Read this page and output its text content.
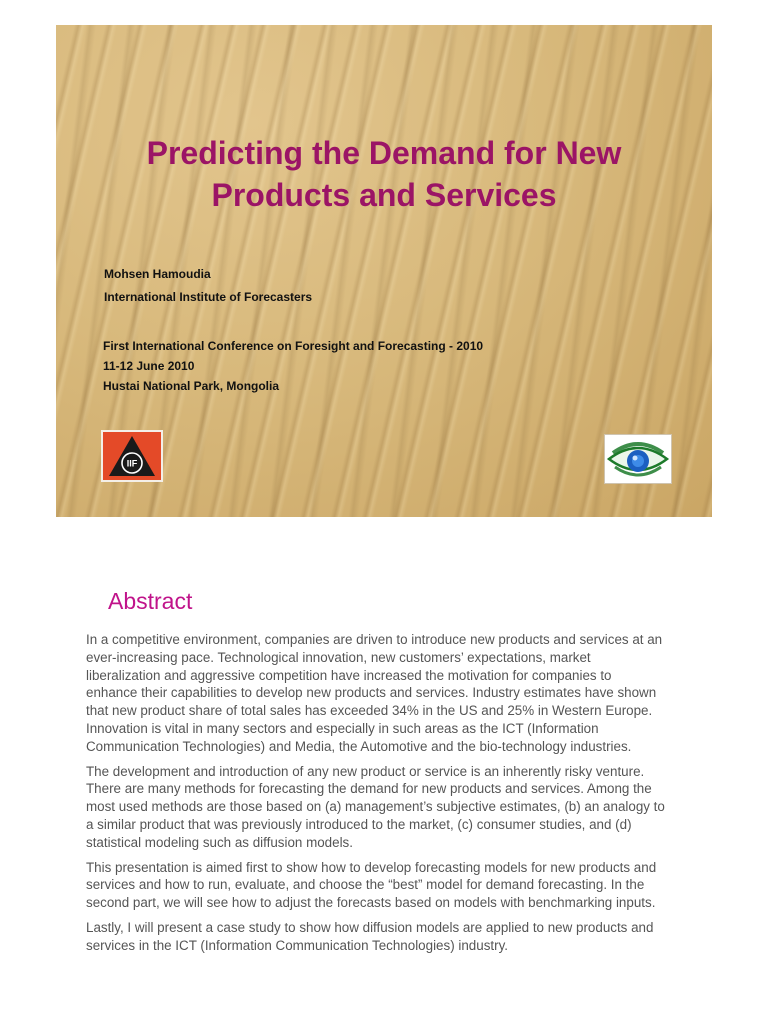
Predicting the Demand for New
Products and Services
Mohsen Hamoudia
International Institute of Forecasters
First International Conference on Foresight and Forecasting - 2010
11-12 June 2010
Hustai National Park, Mongolia
IIF
Abstract

In a competitive environment, companies are driven to introduce new products and services at an ever-increasing pace. Technological innovation, new customers’ expectations, market liberalization and aggressive competition have increased the motivation for companies to enhance their capabilities to develop new products and services. Industry estimates have shown that new product share of total sales has exceeded 34% in the US and 25% in Western Europe. Innovation is vital in many sectors and especially in such areas as the ICT (Information Communication Technologies) and Media, the Automotive and the bio-technology industries.

The development and introduction of any new product or service is an inherently risky venture. There are many methods for forecasting the demand for new products and services. Among the most used methods are those based on (a) management’s subjective estimates, (b) an analogy to a similar product that was previously introduced to the market, (c) consumer studies, and (d) statistical modeling such as diffusion models.

This presentation is aimed first to show how to develop forecasting models for new products and services and how to run, evaluate, and choose the “best” model for demand forecasting. In the second part, we will see how to adjust the forecasts based on models with benchmarking inputs.

Lastly, I will present a case study to show how diffusion models are applied to new products and services in the ICT (Information Communication Technologies) industry.
